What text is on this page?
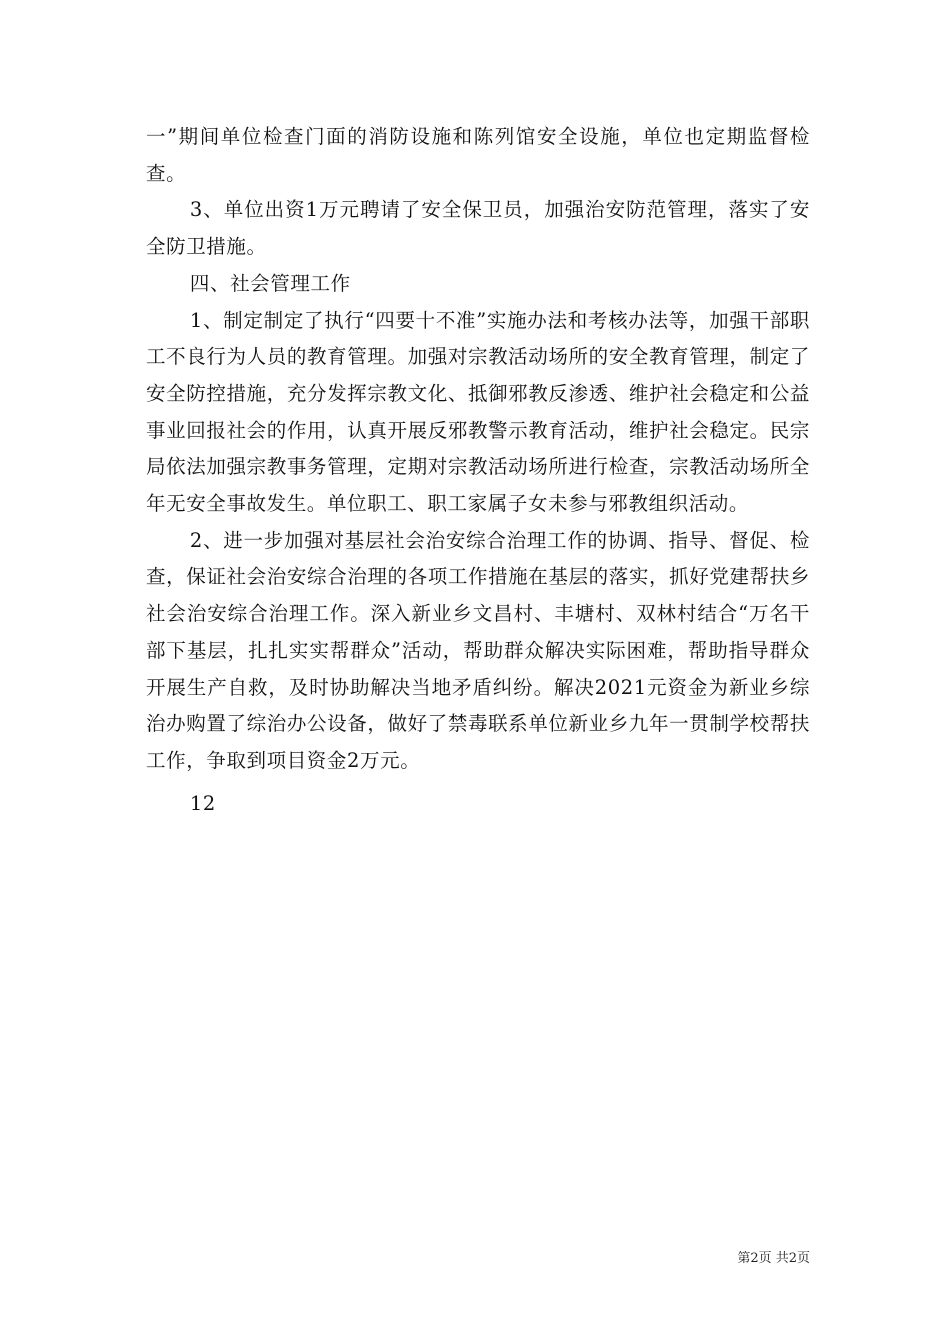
一”期间单位检查门面的消防设施和陈列馆安全设施，单位也定期监督检查。

3、单位出资1万元聘请了安全保卫员，加强治安防范管理，落实了安全防卫措施。

四、社会管理工作

1、制定制定了执行“四要十不准”实施办法和考核办法等，加强干部职工不良行为人员的教育管理。加强对宗教活动场所的安全教育管理，制定了安全防控措施，充分发挥宗教文化、抵御邪教反渗透、维护社会稳定和公益事业回报社会的作用，认真开展反邪教警示教育活动，维护社会稳定。民宗局依法加强宗教事务管理，定期对宗教活动场所进行检查，宗教活动场所全年无安全事故发生。单位职工、职工家属子女未参与邪教组织活动。

2、进一步加强对基层社会治安综合治理工作的协调、指导、督促、检查，保证社会治安综合治理的各项工作措施在基层的落实，抓好党建帮扶乡社会治安综合治理工作。深入新业乡文昌村、丰塘村、双林村结合“万名干部下基层，扎扎实实帮群众”活动，帮助群众解决实际困难，帮助指导群众开展生产自救，及时协助解决当地矛盾纠纷。解决2021元资金为新业乡综治办购置了综治办公设备，做好了禁毒联系单位新业乡九年一贯制学校帮扶工作，争取到项目资金2万元。

12

第2页 共2页
